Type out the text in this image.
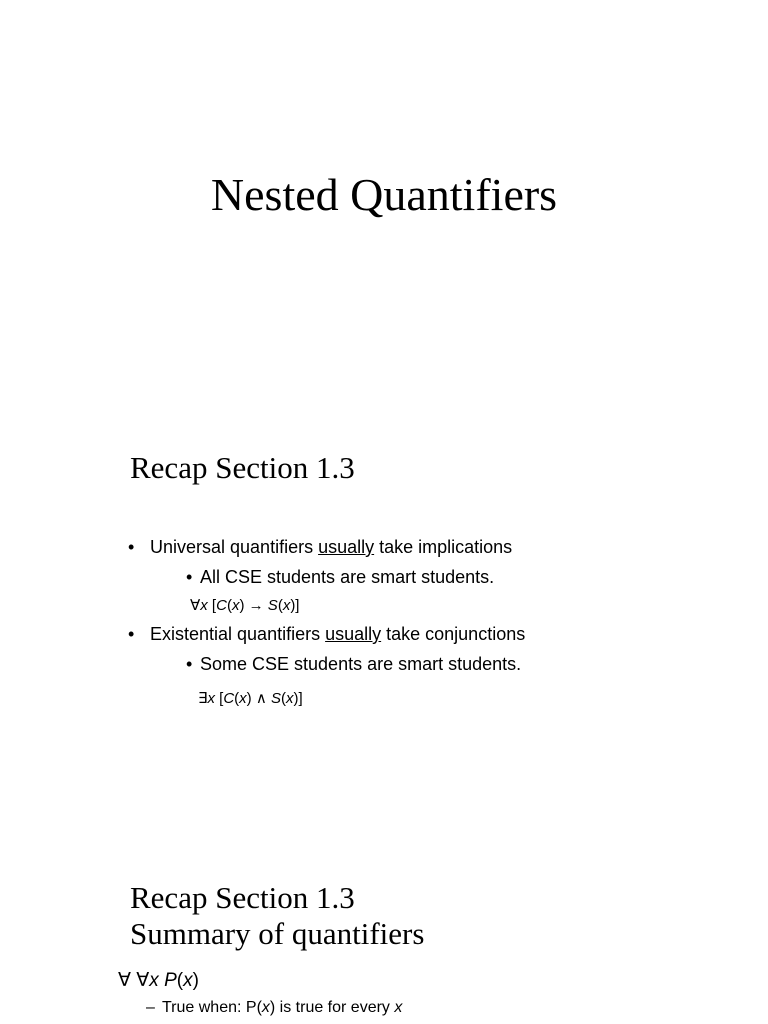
Nested Quantifiers
Recap Section 1.3
• Universal quantifiers usually take implications
• All CSE students are smart students.
∀x [C(x) → S(x)]
• Existential quantifiers usually take conjunctions
• Some CSE students are smart students.
∃x [C(x) ∧ S(x)]
Recap Section 1.3
Summary of quantifiers
∀ ∀x P(x)
– True when: P(x) is true for every x
